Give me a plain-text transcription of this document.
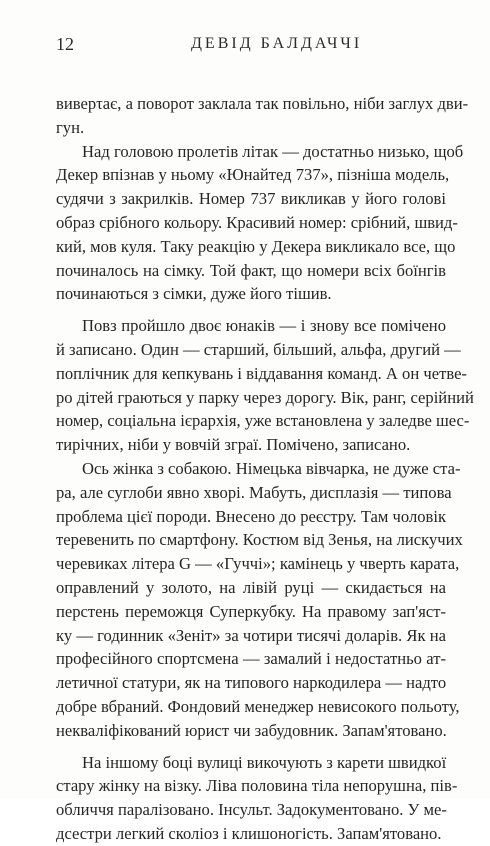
12	ДЕВІД БАЛДАЧЧІ

виверτає, а поворот заклала так повільно, ніби заглух дви-
гун.

Над головою пролетів літак — достатньо низько, щоб
Декер впізнав у ньому «Юнайтед 737», пізніша модель,
судячи з закрилків. Номер 737 викликав у його голові
образ срібного кольору. Красивий номер: срібний, швид-
кий, мов куля. Таку реакцію у Декера викликало все, що
починалось на сімку. Той факт, що номери всіх боїнгів
починаються з сімки, дуже його тішив.

Повз пройшло двоє юнаків — і знову все помічено
й записано. Один — старший, більший, альфа, другий —
поплічник для кепкувань і віддавання команд. А он четве-
ро дітей граються у парку через дорогу. Вік, ранг, серійний
номер, соціальна ієрархія, уже встановлена у заледве шес-
тирічних, ніби у вовчій зграї. Помічено, записано.

Ось жінка з собакою. Німецька вівчарка, не дуже ста-
ра, але суглоби явно хворі. Мабуть, дисплазія — типова
проблема цієї породи. Внесено до реєстру. Там чоловік
теревенить по смартфону. Костюм від Зенья, на лискучих
черевиках літера G — «Гуччі»; камінець у чверть карата,
оправлений у золото, на лівій руці — скидається на
перстень переможця Суперкубку. На правому зап'яст-
ку — годинник «Зеніт» за чотири тисячі доларів. Як на
професійного спортсмена — замалий і недостатньо ат-
летичної статури, як на типового наркодилера — надто
добре вбраний. Фондовий менеджер невисокого польоту,
некваліфікований юрист чи забудовник. Запам'ятовано.

На іншому боці вулиці викочують з карети швидкої
стару жінку на візку. Ліва половина тіла непорушна, пів-
обличчя паралізовано. Інсульт. Задокументовано. У ме-
дсестри легкий сколіоз і клишоногість. Запам'ятовано.
